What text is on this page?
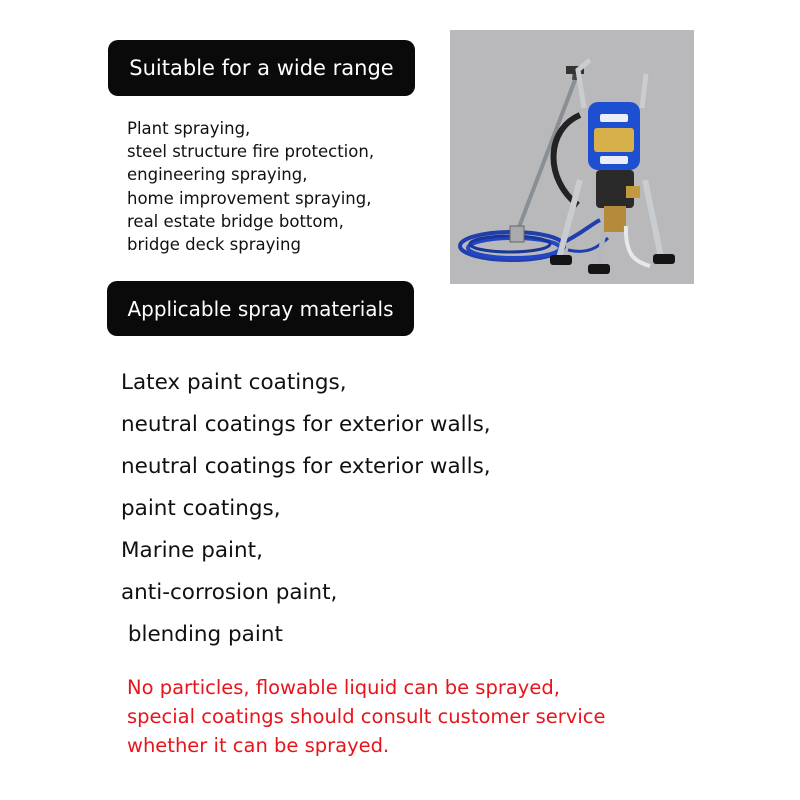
Suitable for a wide range
Plant spraying,
steel structure fire protection,
engineering spraying,
home improvement spraying,
real estate bridge bottom,
bridge deck spraying
Applicable spray materials
Latex paint coatings,
neutral coatings for exterior walls,
neutral coatings for exterior walls,
paint coatings,
Marine paint,
anti-corrosion paint,
blending paint

No particles, flowable liquid can be sprayed,
special coatings should consult customer service
whether it can be sprayed.
